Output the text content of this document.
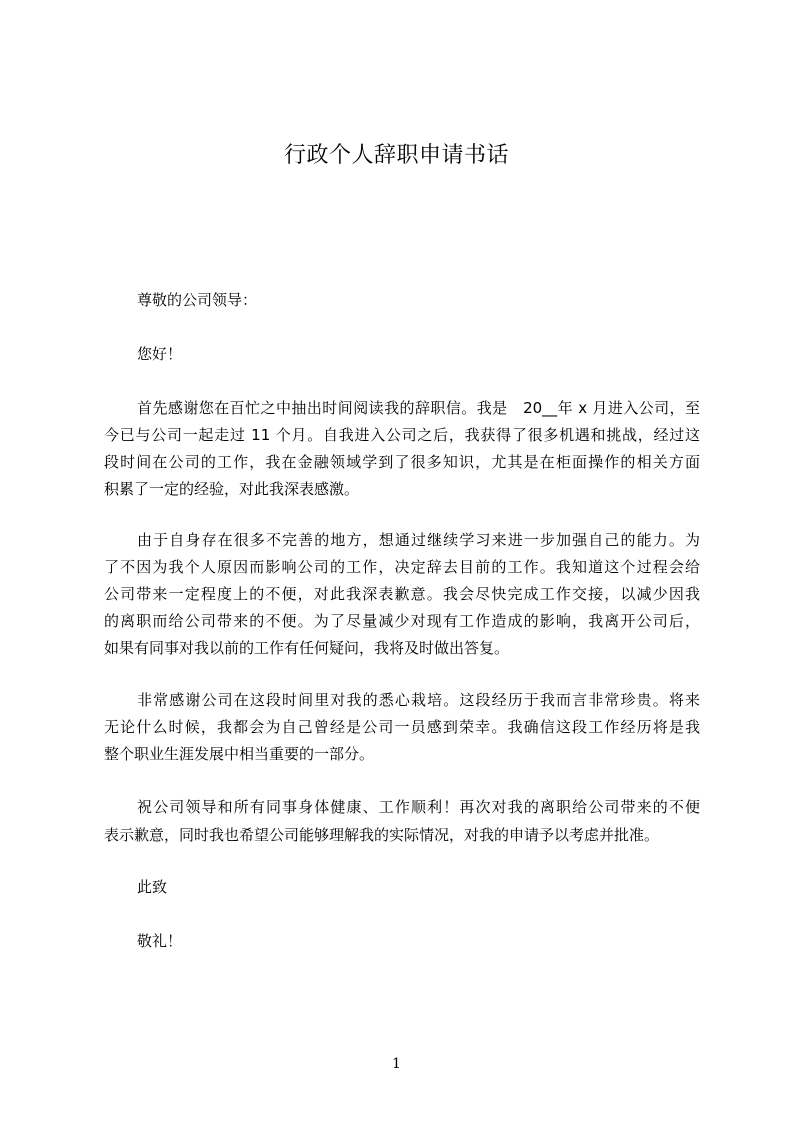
行政个人辞职申请书话

尊敬的公司领导：

您好！

首先感谢您在百忙之中抽出时间阅读我的辞职信。我是　20__年 x 月进入公司，至

今已与公司一起走过 11 个月。自我进入公司之后，我获得了很多机遇和挑战，经过这

段时间在公司的工作，我在金融领域学到了很多知识，尤其是在柜面操作的相关方面

积累了一定的经验，对此我深表感激。

由于自身存在很多不完善的地方，想通过继续学习来进一步加强自己的能力。为

了不因为我个人原因而影响公司的工作，决定辞去目前的工作。我知道这个过程会给

公司带来一定程度上的不便，对此我深表歉意。我会尽快完成工作交接，以减少因我

的离职而给公司带来的不便。为了尽量减少对现有工作造成的影响，我离开公司后，

如果有同事对我以前的工作有任何疑问，我将及时做出答复。

非常感谢公司在这段时间里对我的悉心栽培。这段经历于我而言非常珍贵。将来

无论什么时候，我都会为自己曾经是公司一员感到荣幸。我确信这段工作经历将是我

整个职业生涯发展中相当重要的一部分。

祝公司领导和所有同事身体健康、工作顺利！再次对我的离职给公司带来的不便

表示歉意，同时我也希望公司能够理解我的实际情况，对我的申请予以考虑并批准。

此致

敬礼！

1
